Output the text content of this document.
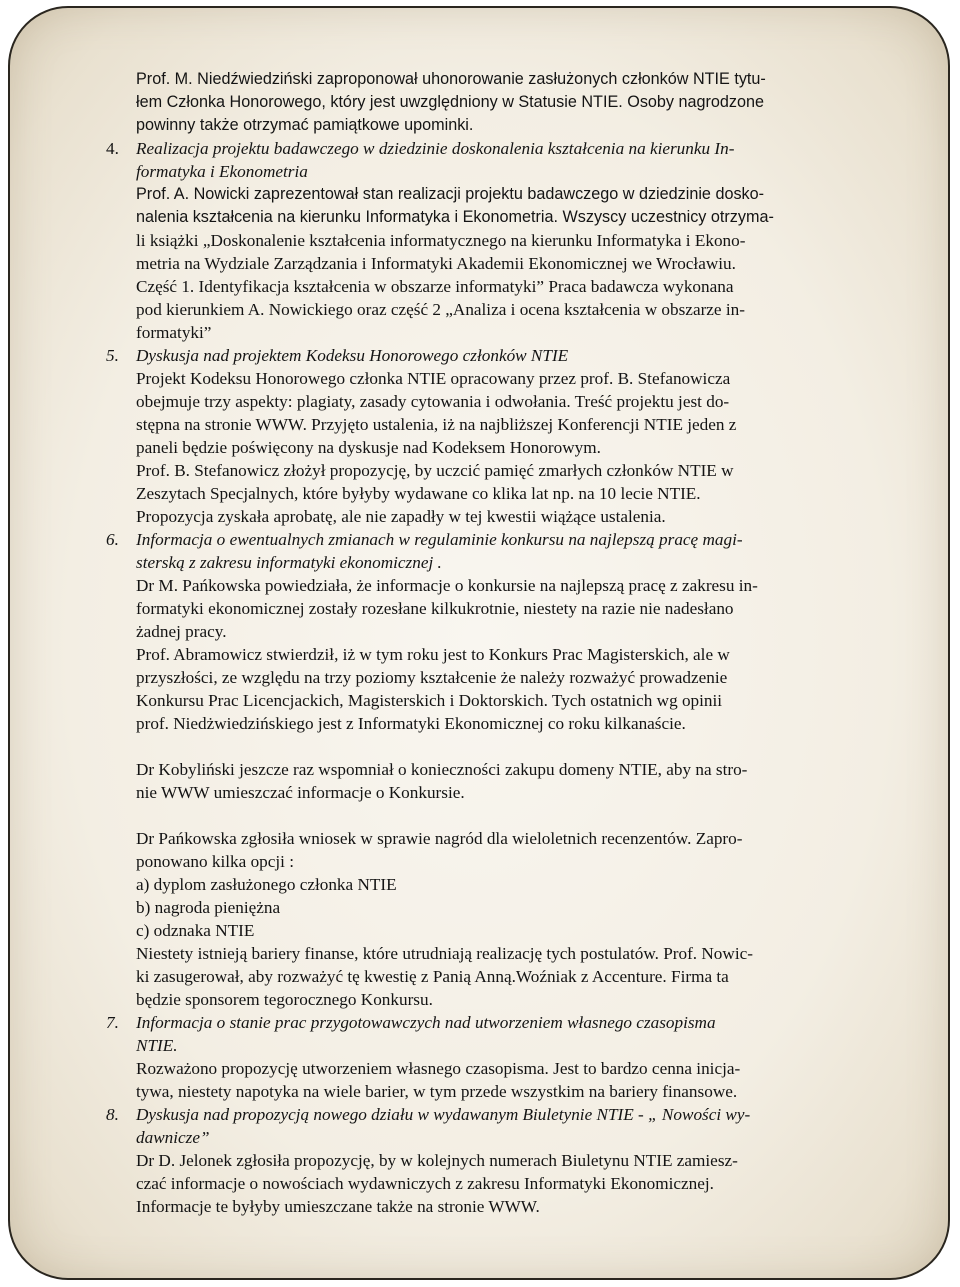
Prof. M. Niedźwiedziński zaproponował uhonorowanie zasłużonych członków NTIE tytu-
łem Członka Honorowego, który jest uwzględniony w Statusie NTIE. Osoby nagrodzone
powinny także otrzymać pamiątkowe upominki.
4. Realizacja projektu badawczego w dziedzinie doskonalenia kształcenia na kierunku In-
formatyka i Ekonometria
Prof. A. Nowicki zaprezentował stan realizacji projektu badawczego w dziedzinie dosko-
nalenia kształcenia na kierunku Informatyka i Ekonometria. Wszyscy uczestnicy otrzyma-
li książki „Doskonalenie kształcenia informatycznego na kierunku Informatyka i Ekono-
metria na Wydziale Zarządzania i Informatyki Akademii Ekonomicznej we Wrocławiu.
Część 1. Identyfikacja kształcenia w obszarze informatyki” Praca badawcza wykonana
pod kierunkiem A. Nowickiego oraz część 2 „Analiza i ocena kształcenia w obszarze in-
formatyki”
5. Dyskusja nad projektem Kodeksu Honorowego członków NTIE
Projekt Kodeksu Honorowego członka NTIE opracowany przez prof. B. Stefanowicza
obejmuje trzy aspekty: plagiaty, zasady cytowania i odwołania. Treść projektu jest do-
stępna na stronie WWW. Przyjęto ustalenia, iż na najbliższej Konferencji NTIE jeden z
paneli będzie poświęcony na dyskusje nad Kodeksem Honorowym.
Prof. B. Stefanowicz złożył propozycję, by uczcić pamięć zmarłych członków NTIE w
Zeszytach Specjalnych, które byłyby wydawane co klika lat np. na 10 lecie NTIE.
Propozycja zyskała aprobatę, ale nie zapadły w tej kwestii wiążące ustalenia.
6. Informacja o ewentualnych zmianach w regulaminie konkursu na najlepszą pracę magi-
sterską z zakresu informatyki ekonomicznej .
Dr M. Pańkowska powiedziała, że informacje o konkursie na najlepszą pracę z zakresu in-
formatyki ekonomicznej zostały rozesłane kilkukrotnie, niestety na razie nie nadesłano
żadnej pracy.
Prof. Abramowicz stwierdził, iż w tym roku jest to Konkurs Prac Magisterskich, ale w
przyszłości, ze względu na trzy poziomy kształcenie że należy rozważyć prowadzenie
Konkursu Prac Licencjackich, Magisterskich i Doktorskich. Tych ostatnich wg opinii
prof. Niedżwiedzińskiego jest z Informatyki Ekonomicznej co roku kilkanaście.
Dr Kobyliński jeszcze raz wspomniał o konieczności zakupu domeny NTIE, aby na stro-
nie WWW umieszczać informacje o Konkursie.
Dr Pańkowska zgłosiła wniosek w sprawie nagród dla wieloletnich recenzentów. Zapro-
ponowano kilka opcji :
a) dyplom zasłużonego członka NTIE
b) nagroda pieniężna
c) odznaka NTIE
Niestety istnieją bariery finanse, które utrudniają realizację tych postulatów. Prof. Nowic-
ki zasugerował, aby rozważyć tę kwestię z Panią Anną.Woźniak z Accenture. Firma ta
będzie sponsorem tegorocznego Konkursu.
7. Informacja o stanie prac przygotowawczych nad utworzeniem własnego czasopisma
NTIE.
Rozważono propozycję utworzeniem własnego czasopisma. Jest to bardzo cenna inicja-
tywa, niestety napotyka na wiele barier, w tym przede wszystkim na bariery finansowe.
8. Dyskusja nad propozycją nowego działu w wydawanym Biuletynie NTIE - „ Nowości wy-
dawnicze”
Dr D. Jelonek zgłosiła propozycję, by w kolejnych numerach Biuletynu NTIE zamiesz-
czać informacje o nowościach wydawniczych z zakresu Informatyki Ekonomicznej.
Informacje te byłyby umieszczane także na stronie WWW.
